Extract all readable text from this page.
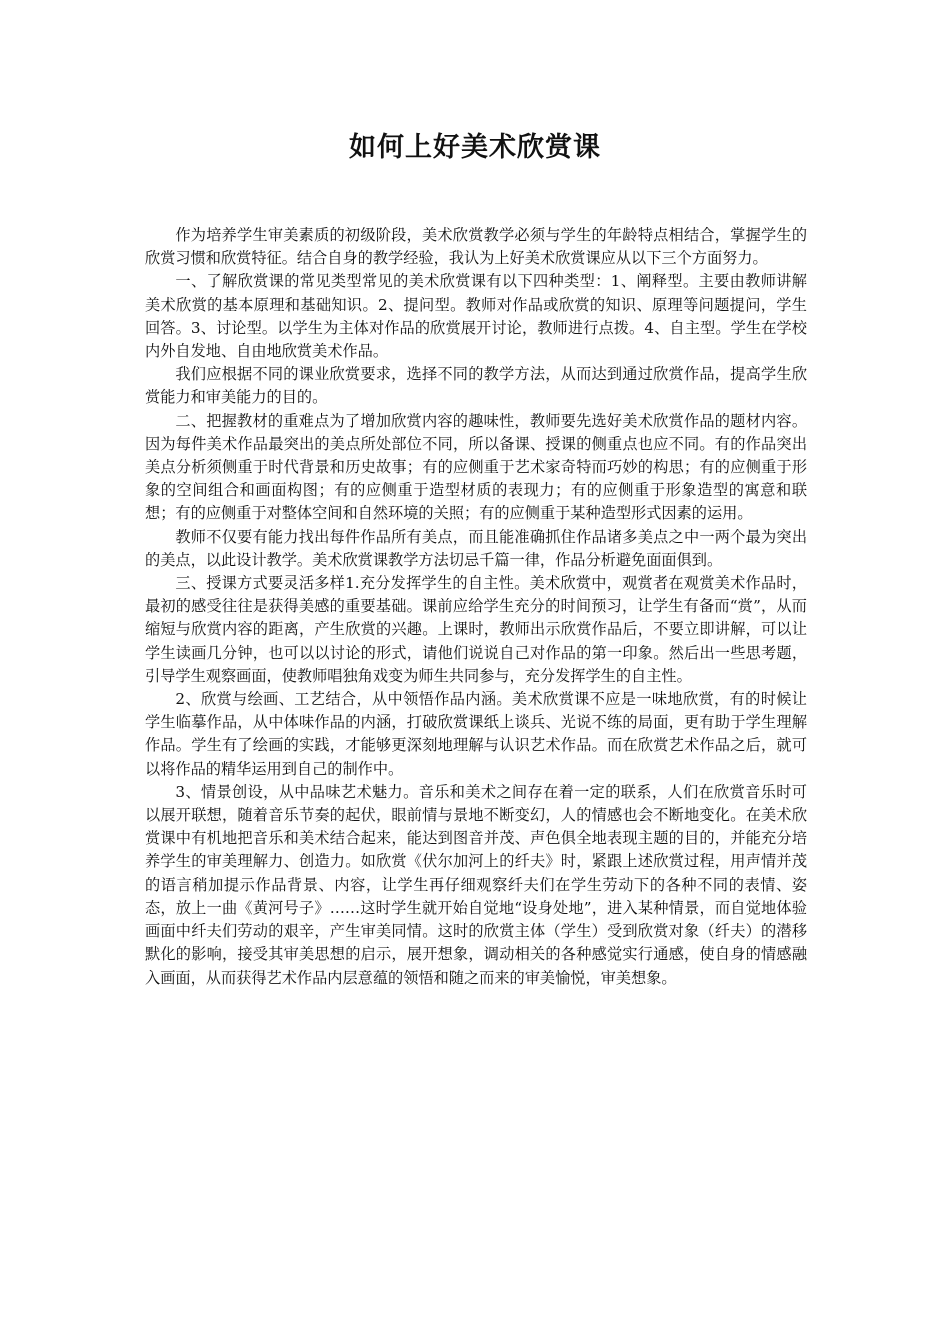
如何上好美术欣赏课

作为培养学生审美素质的初级阶段，美术欣赏教学必须与学生的年龄特点相结合，掌握学生的欣赏习惯和欣赏特征。结合自身的教学经验，我认为上好美术欣赏课应从以下三个方面努力。

一、了解欣赏课的常见类型常见的美术欣赏课有以下四种类型：1、阐释型。主要由教师讲解美术欣赏的基本原理和基础知识。2、提问型。教师对作品或欣赏的知识、原理等问题提问，学生回答。3、讨论型。以学生为主体对作品的欣赏展开讨论，教师进行点拨。4、自主型。学生在学校内外自发地、自由地欣赏美术作品。

我们应根据不同的课业欣赏要求，选择不同的教学方法，从而达到通过欣赏作品，提高学生欣赏能力和审美能力的目的。

二、把握教材的重难点为了增加欣赏内容的趣味性，教师要先选好美术欣赏作品的题材内容。因为每件美术作品最突出的美点所处部位不同，所以备课、授课的侧重点也应不同。有的作品突出美点分析须侧重于时代背景和历史故事；有的应侧重于艺术家奇特而巧妙的构思；有的应侧重于形象的空间组合和画面构图；有的应侧重于造型材质的表现力；有的应侧重于形象造型的寓意和联想；有的应侧重于对整体空间和自然环境的关照；有的应侧重于某种造型形式因素的运用。

教师不仅要有能力找出每件作品所有美点，而且能准确抓住作品诸多美点之中一两个最为突出的美点，以此设计教学。美术欣赏课教学方法切忌千篇一律，作品分析避免面面俱到。

三、授课方式要灵活多样1.充分发挥学生的自主性。美术欣赏中，观赏者在观赏美术作品时，最初的感受往往是获得美感的重要基础。课前应给学生充分的时间预习，让学生有备而“赏”，从而缩短与欣赏内容的距离，产生欣赏的兴趣。上课时，教师出示欣赏作品后，不要立即讲解，可以让学生读画几分钟，也可以以讨论的形式，请他们说说自己对作品的第一印象。然后出一些思考题，引导学生观察画面，使教师唱独角戏变为师生共同参与，充分发挥学生的自主性。

2、欣赏与绘画、工艺结合，从中领悟作品内涵。美术欣赏课不应是一味地欣赏，有的时候让学生临摹作品，从中体味作品的内涵，打破欣赏课纸上谈兵、光说不练的局面，更有助于学生理解作品。学生有了绘画的实践，才能够更深刻地理解与认识艺术作品。而在欣赏艺术作品之后，就可以将作品的精华运用到自己的制作中。

3、情景创设，从中品味艺术魅力。音乐和美术之间存在着一定的联系，人们在欣赏音乐时可以展开联想，随着音乐节奏的起伏，眼前情与景地不断变幻，人的情感也会不断地变化。在美术欣赏课中有机地把音乐和美术结合起来，能达到图音并茂、声色俱全地表现主题的目的，并能充分培养学生的审美理解力、创造力。如欣赏《伏尔加河上的纤夫》时，紧跟上述欣赏过程，用声情并茂的语言稍加提示作品背景、内容，让学生再仔细观察纤夫们在学生劳动下的各种不同的表情、姿态，放上一曲《黄河号子》……这时学生就开始自觉地“设身处地”，进入某种情景，而自觉地体验画面中纤夫们劳动的艰辛，产生审美同情。这时的欣赏主体（学生）受到欣赏对象（纤夫）的潜移默化的影响，接受其审美思想的启示，展开想象，调动相关的各种感觉实行通感，使自身的情感融入画面，从而获得艺术作品内层意蕴的领悟和随之而来的审美愉悦，审美想象。
